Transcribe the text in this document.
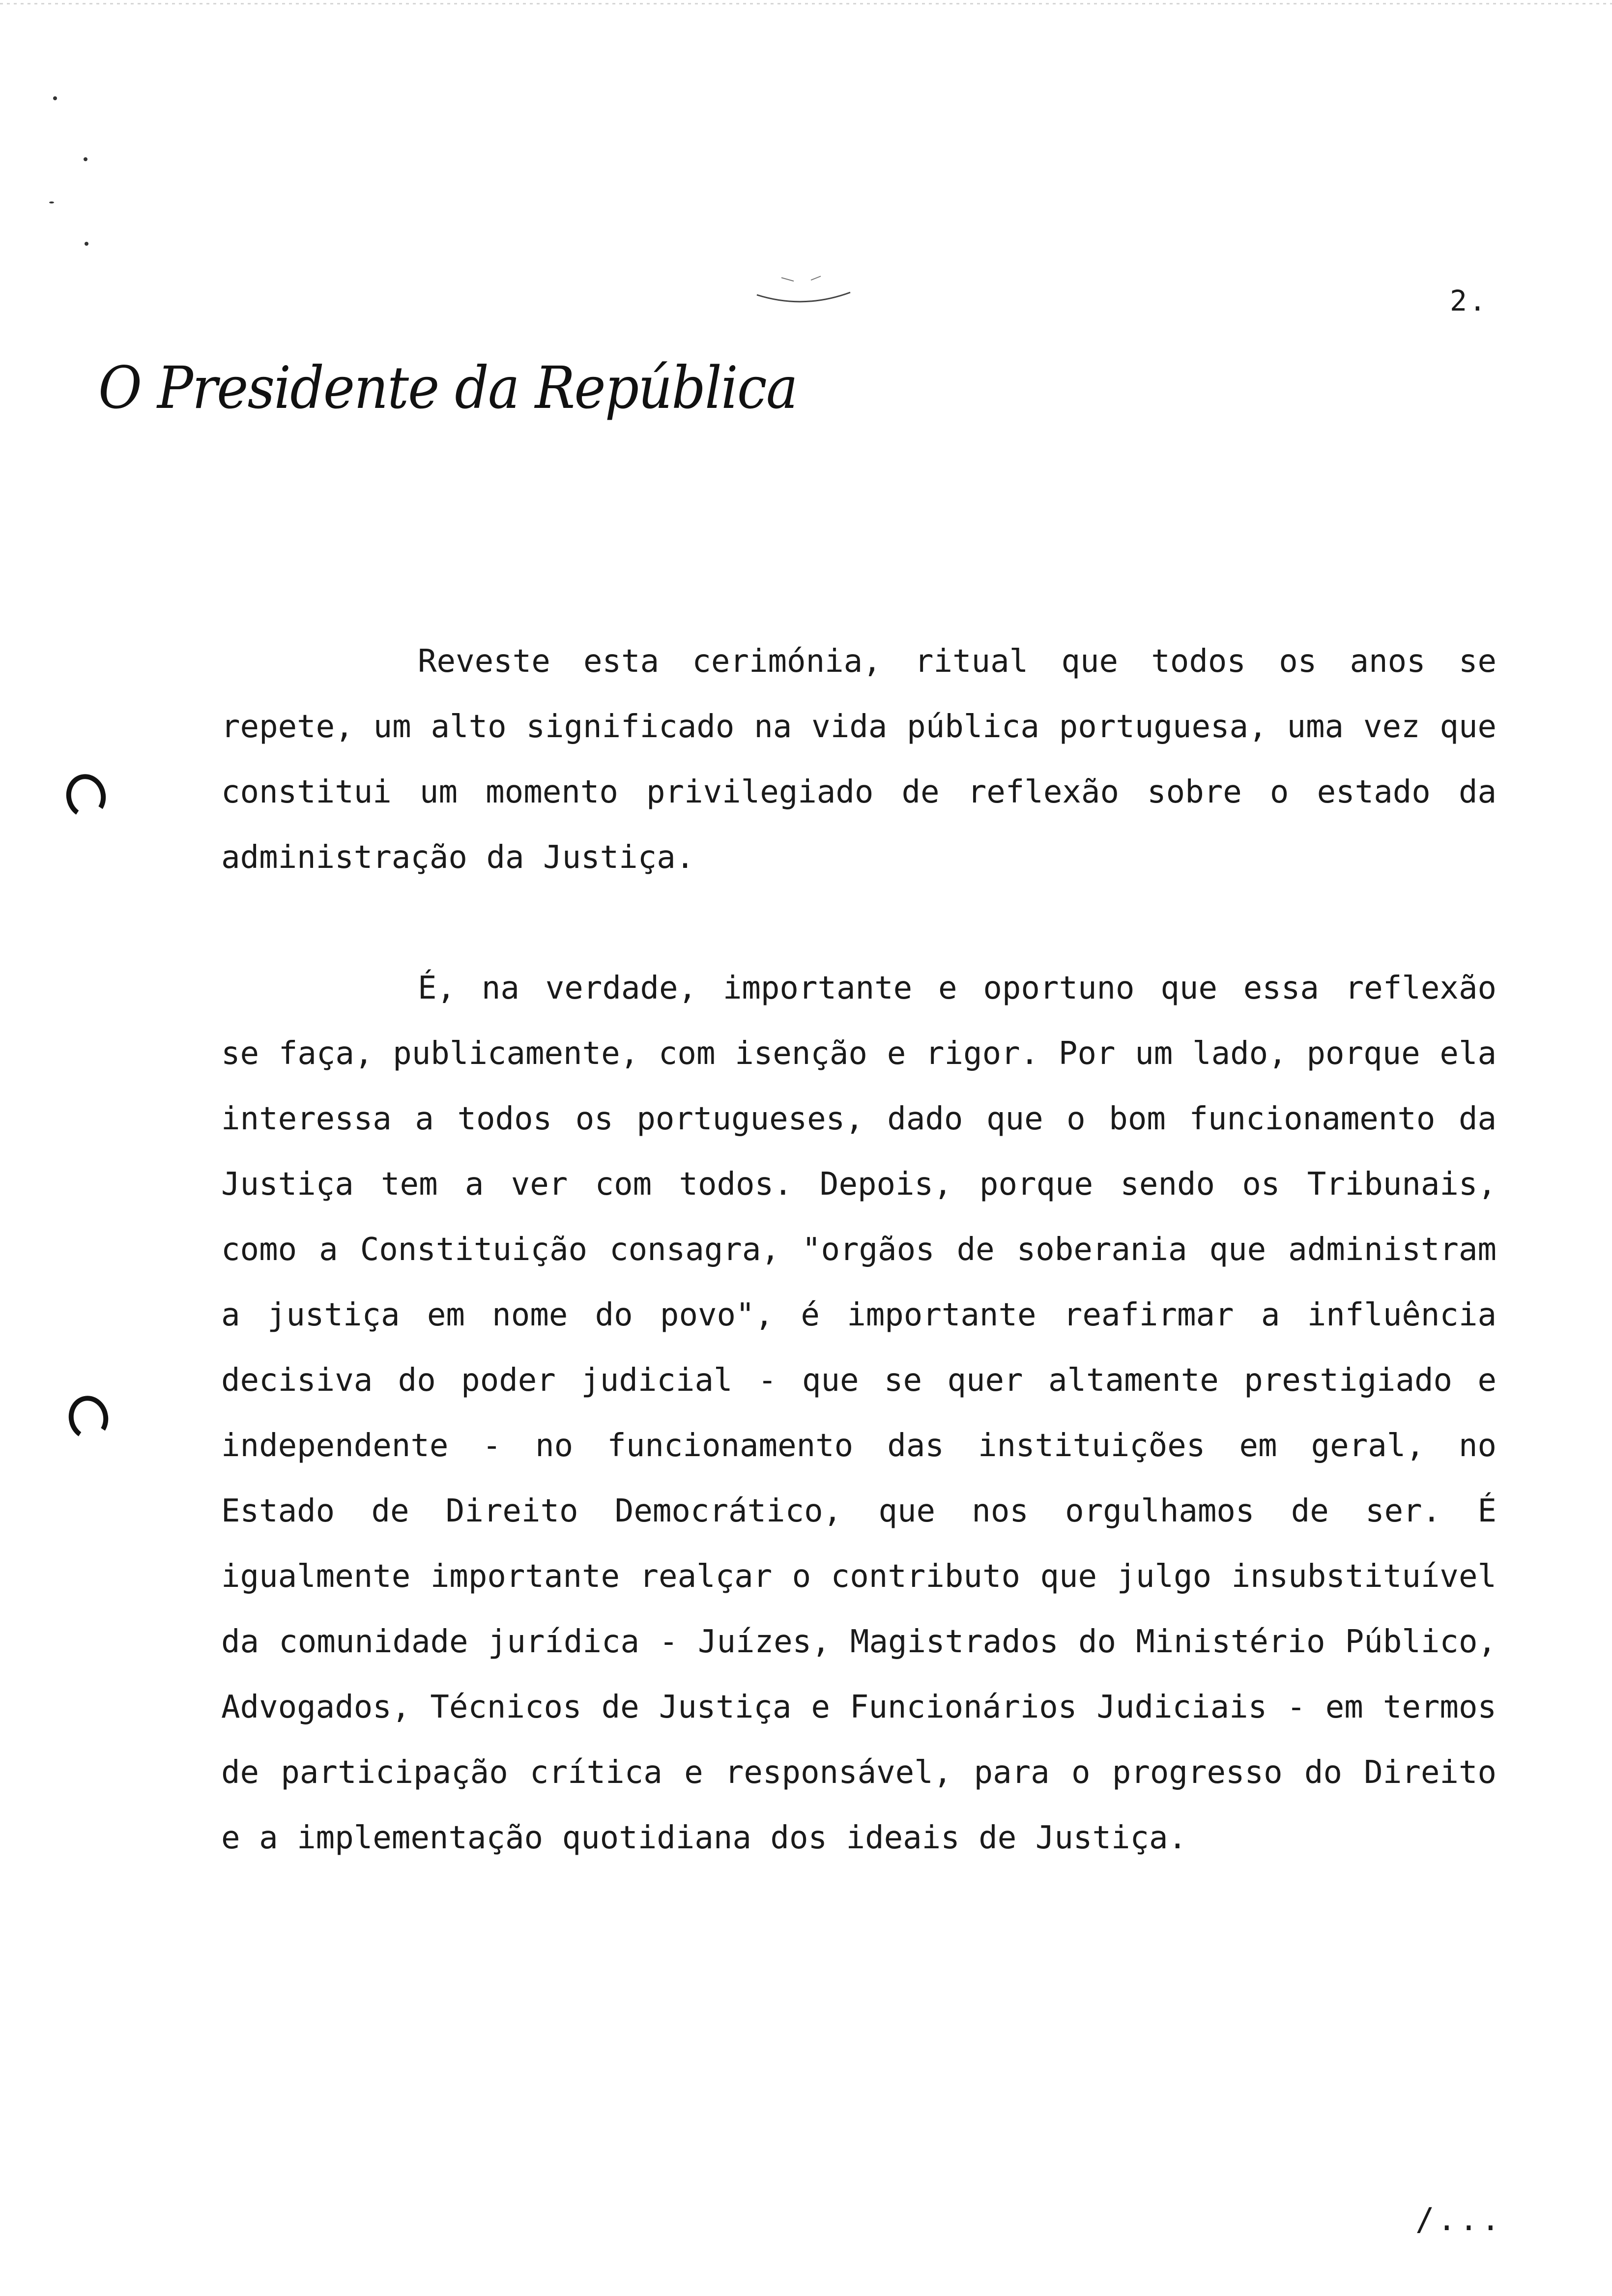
2.
O Presidente da República

Reveste esta cerimónia, ritual que todos os anos se repete, um alto significado na vida pública portuguesa, uma vez que constitui um momento privilegiado de reflexão sobre o estado da administração da Justiça.

É, na verdade, importante e oportuno que essa reflexão se faça, publicamente, com isenção e rigor. Por um lado, porque ela interessa a todos os portugueses, dado que o bom funcionamento da Justiça tem a ver com todos. Depois, porque sendo os Tribunais, como a Constituição consagra, "orgãos de soberania que administram a justiça em nome do povo", é importante reafirmar a influência decisiva do poder judicial - que se quer altamente prestigiado e independente - no funcionamento das instituições em geral, no Estado de Direito Democrático, que nos orgulhamos de ser. É igualmente importante realçar o contributo que julgo insubstituível da comunidade jurídica - Juízes, Magistrados do Ministério Público, Advogados, Técnicos de Justiça e Funcionários Judiciais - em termos de participação crítica e responsável, para o progresso do Direito e a implementação quotidiana dos ideais de Justiça.

/...
